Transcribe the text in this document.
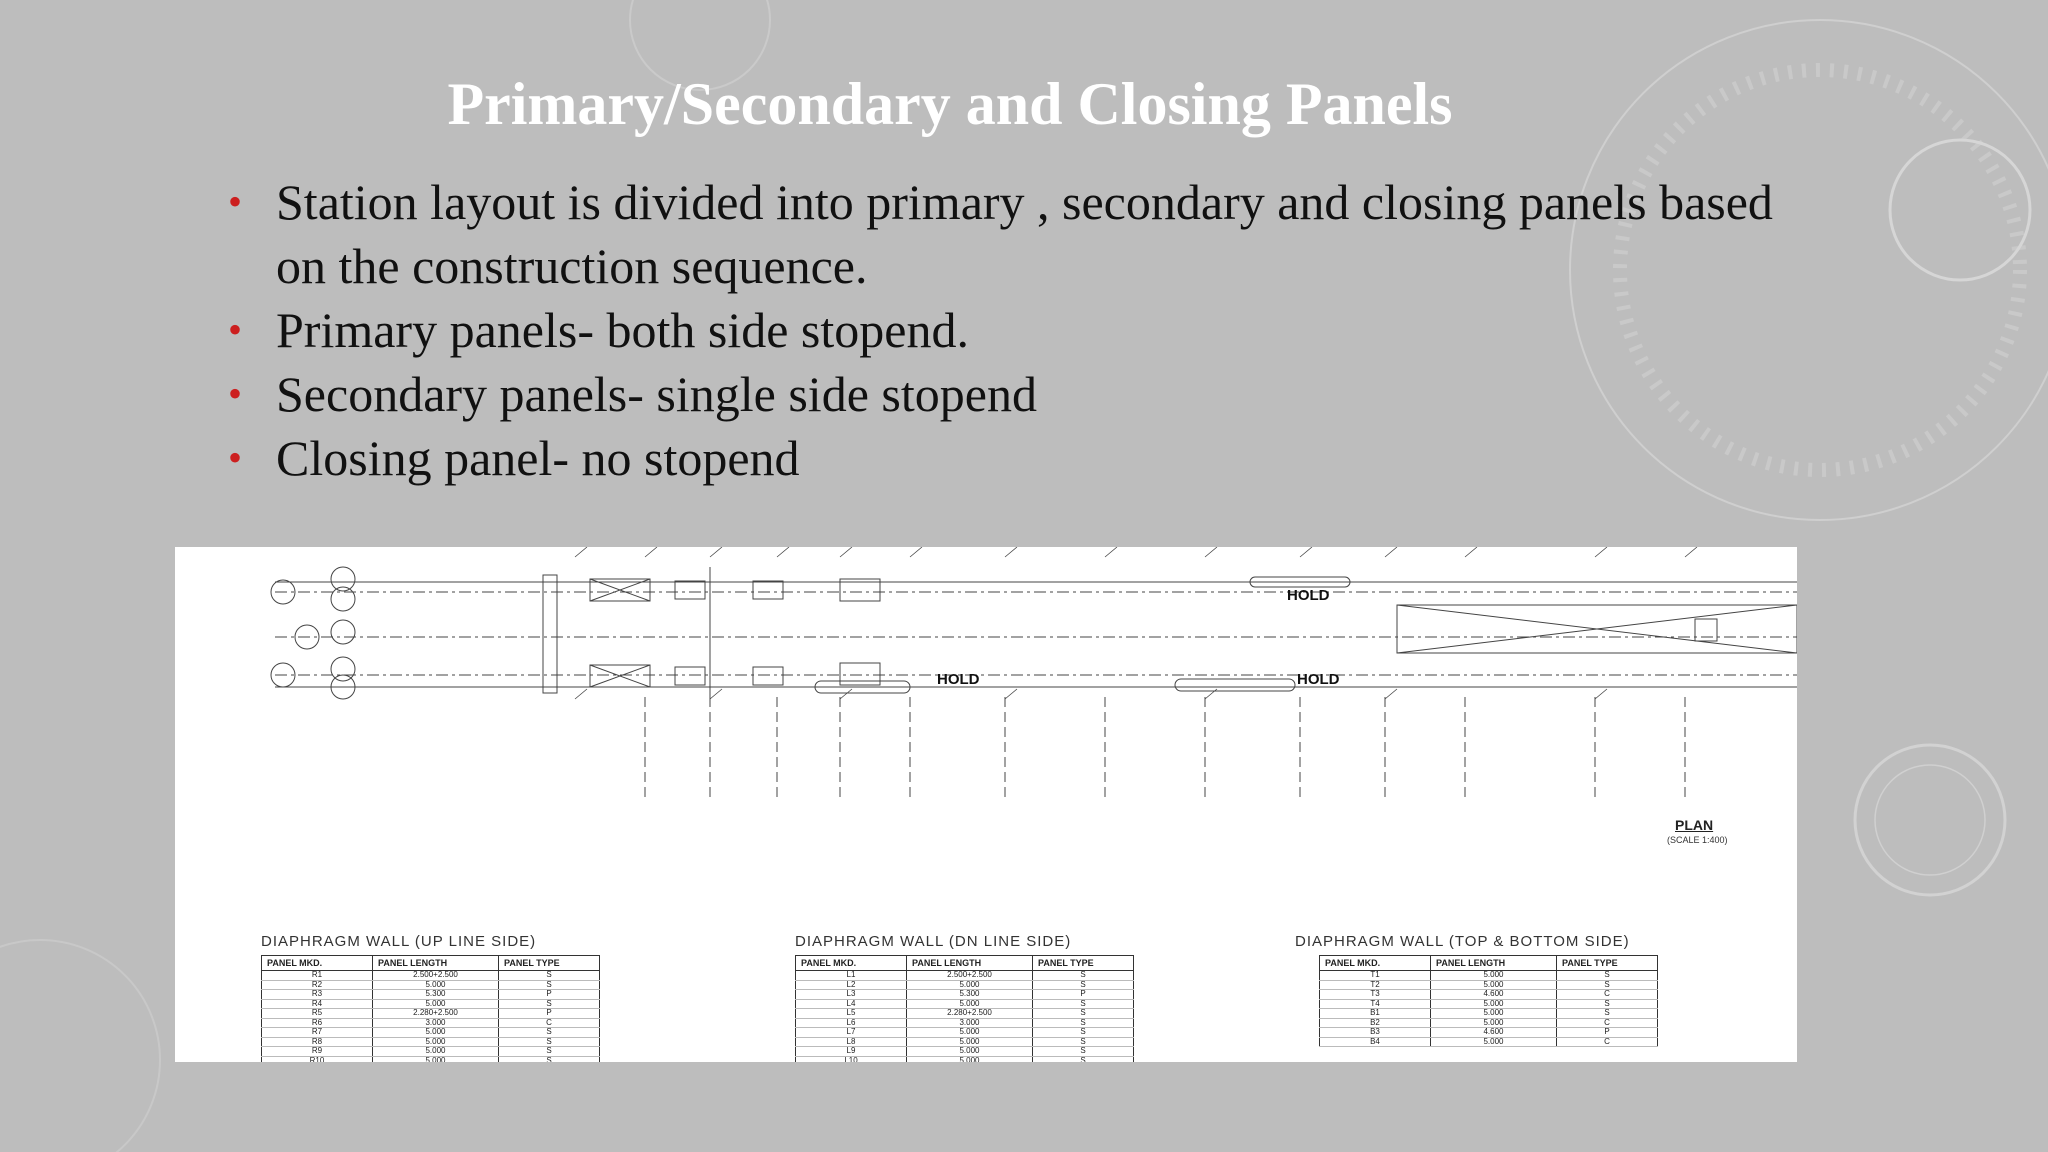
Primary/Secondary and Closing Panels
• Station layout is divided into primary , secondary and closing panels based on the construction sequence.
• Primary panels- both side stopend.
• Secondary panels- single side stopend
• Closing panel- no stopend
HOLD
HOLD	HOLD
PLAN
(SCALE 1:400)
DIAPHRAGM WALL (UP LINE SIDE)
PANEL MKD.	PANEL LENGTH	PANEL TYPE
R1	2.500+2.500	S
R2	5.000	S
R3	5.300	P
R4	5.000	S
R5	2.280+2.500	P
R6	3.000	C
R7	5.000	S
R8	5.000	S
R9	5.000	S
R10	5.000	S
DIAPHRAGM WALL (DN LINE SIDE)
PANEL MKD.	PANEL LENGTH	PANEL TYPE
L1	2.500+2.500	S
L2	5.000	S
L3	5.300	P
L4	5.000	S
L5	2.280+2.500	S
L6	3.000	S
L7	5.000	S
L8	5.000	S
L9	5.000	S
L10	5.000	S
DIAPHRAGM WALL (TOP & BOTTOM SIDE)
PANEL MKD.	PANEL LENGTH	PANEL TYPE
T1	5.000	S
T2	5.000	S
T3	4.600	C
T4	5.000	S
B1	5.000	S
B2	5.000	C
B3	4.600	P
B4	5.000	C
